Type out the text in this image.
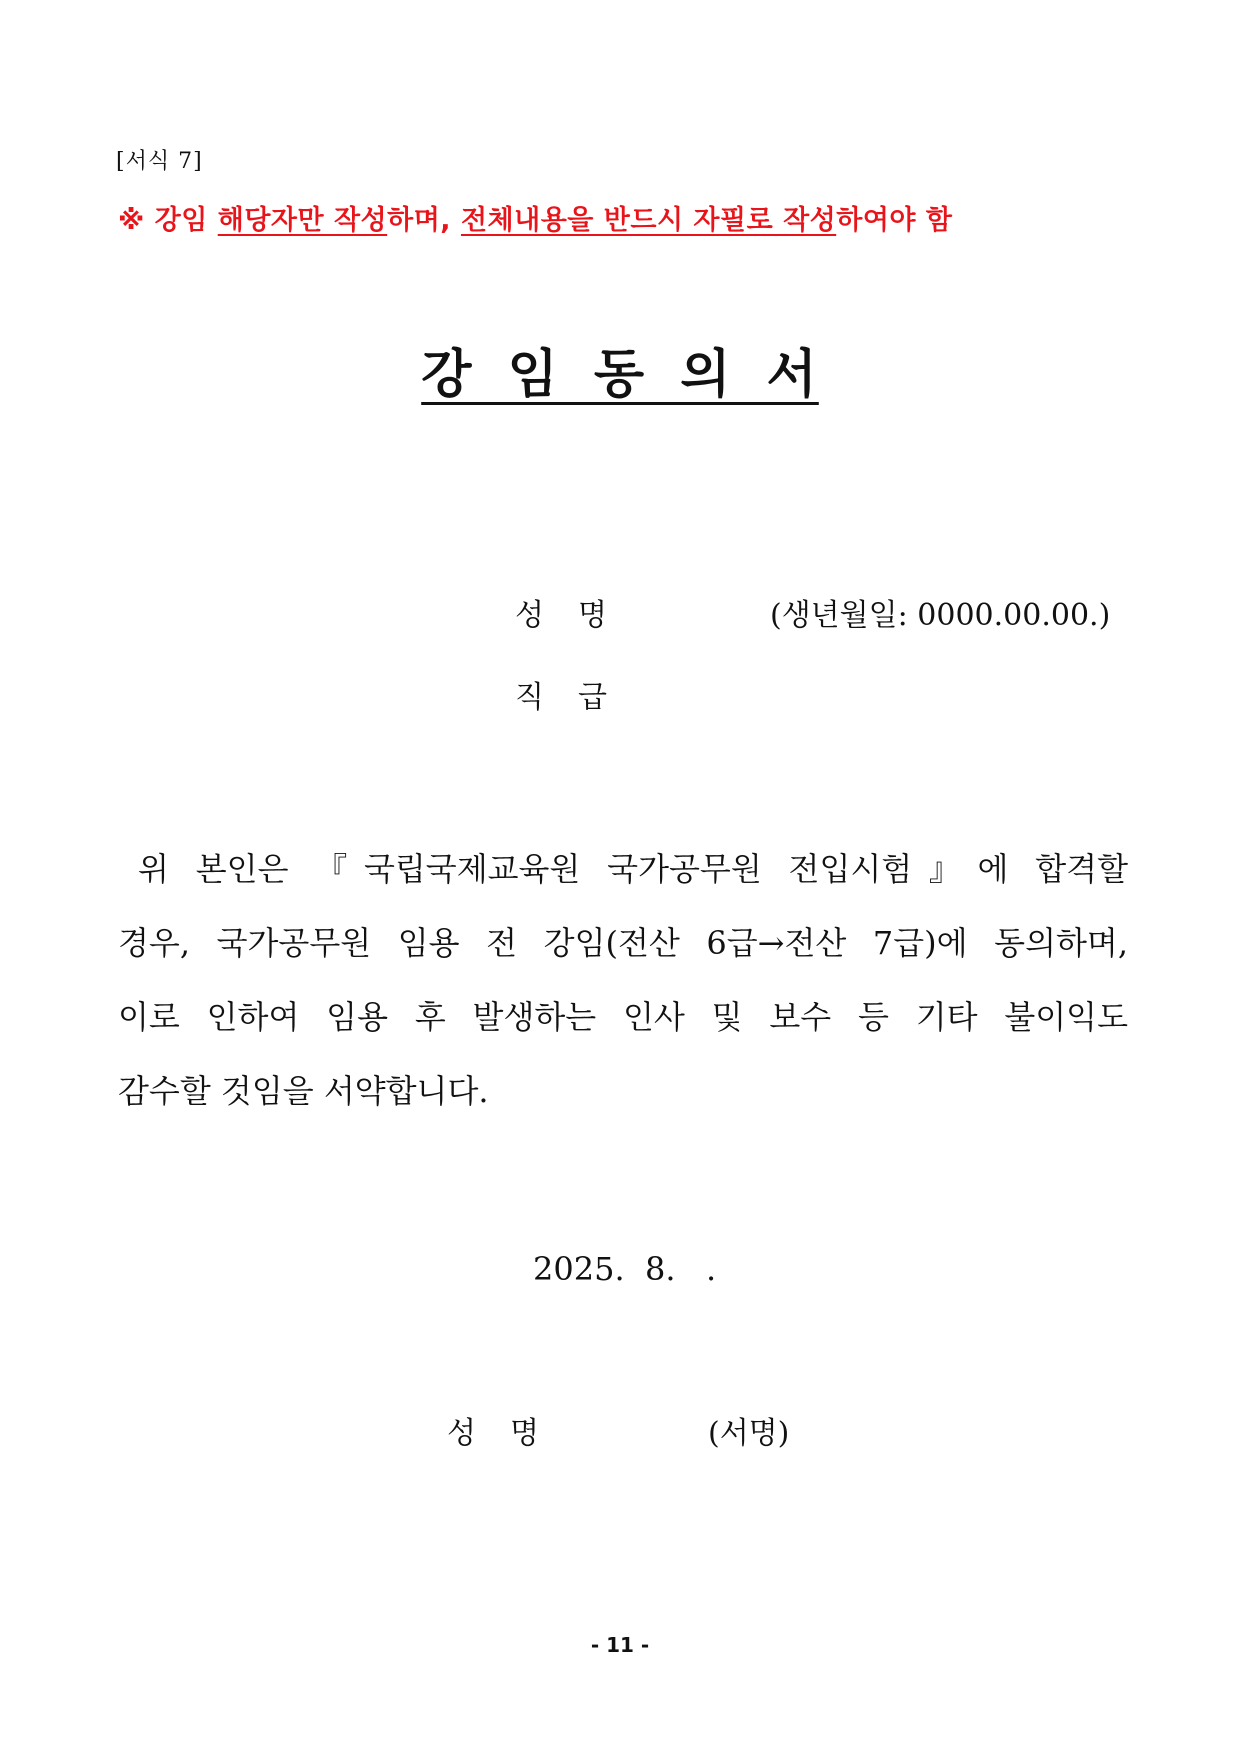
[서식 7]
※ 강임 해당자만 작성하며, 전체내용을 반드시 자필로 작성하여야 함
강 임 동 의 서
성명	(생년월일: 0000.00.00.)
직급
위 본인은 『국립국제교육원 국가공무원 전입시험』에 합격할
경우, 국가공무원 임용 전 강임(전산 6급→전산 7급)에 동의하며,
이로 인하여 임용 후 발생하는 인사 및 보수 등 기타 불이익도
감수할 것임을 서약합니다.
2025.  8.   .
성명	(서명)
- 11 -
